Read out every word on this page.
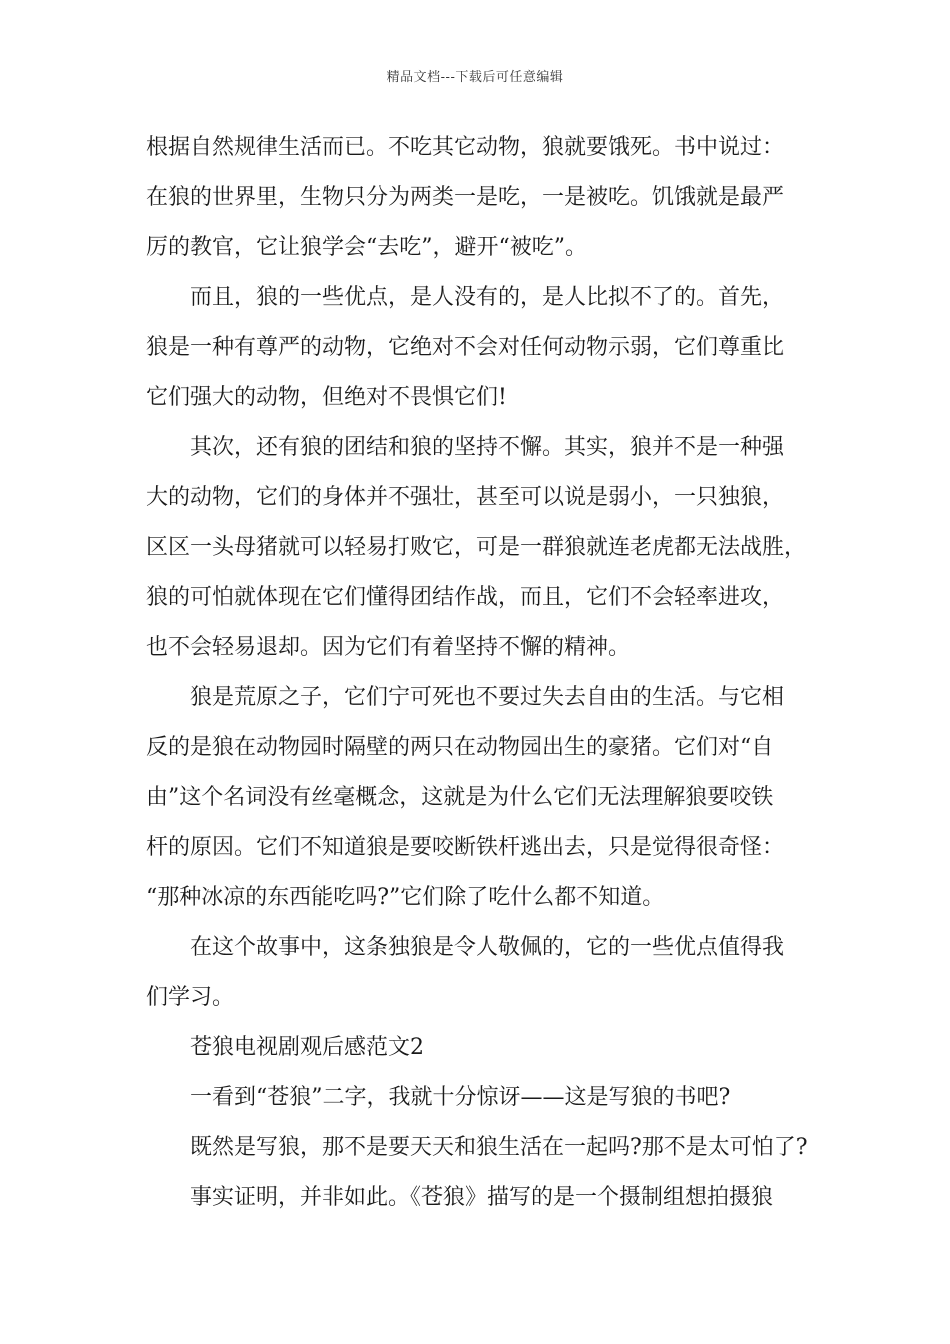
精品文档---下载后可任意编辑
根据自然规律生活而已。不吃其它动物，狼就要饿死。书中说过：
在狼的世界里，生物只分为两类一是吃，一是被吃。饥饿就是最严
厉的教官，它让狼学会“去吃”，避开“被吃”。
而且，狼的一些优点，是人没有的，是人比拟不了的。首先，
狼是一种有尊严的动物，它绝对不会对任何动物示弱，它们尊重比
它们强大的动物，但绝对不畏惧它们!
其次，还有狼的团结和狼的坚持不懈。其实，狼并不是一种强
大的动物，它们的身体并不强壮，甚至可以说是弱小，一只独狼，
区区一头母猪就可以轻易打败它，可是一群狼就连老虎都无法战胜，
狼的可怕就体现在它们懂得团结作战，而且，它们不会轻率进攻，
也不会轻易退却。因为它们有着坚持不懈的精神。
狼是荒原之子，它们宁可死也不要过失去自由的生活。与它相
反的是狼在动物园时隔壁的两只在动物园出生的豪猪。它们对“自
由”这个名词没有丝毫概念，这就是为什么它们无法理解狼要咬铁
杆的原因。它们不知道狼是要咬断铁杆逃出去，只是觉得很奇怪：
“那种冰凉的东西能吃吗?”它们除了吃什么都不知道。
在这个故事中，这条独狼是令人敬佩的，它的一些优点值得我
们学习。
苍狼电视剧观后感范文2
一看到“苍狼”二字，我就十分惊讶——这是写狼的书吧?
既然是写狼，那不是要天天和狼生活在一起吗?那不是太可怕了?
事实证明，并非如此。《苍狼》描写的是一个摄制组想拍摄狼
